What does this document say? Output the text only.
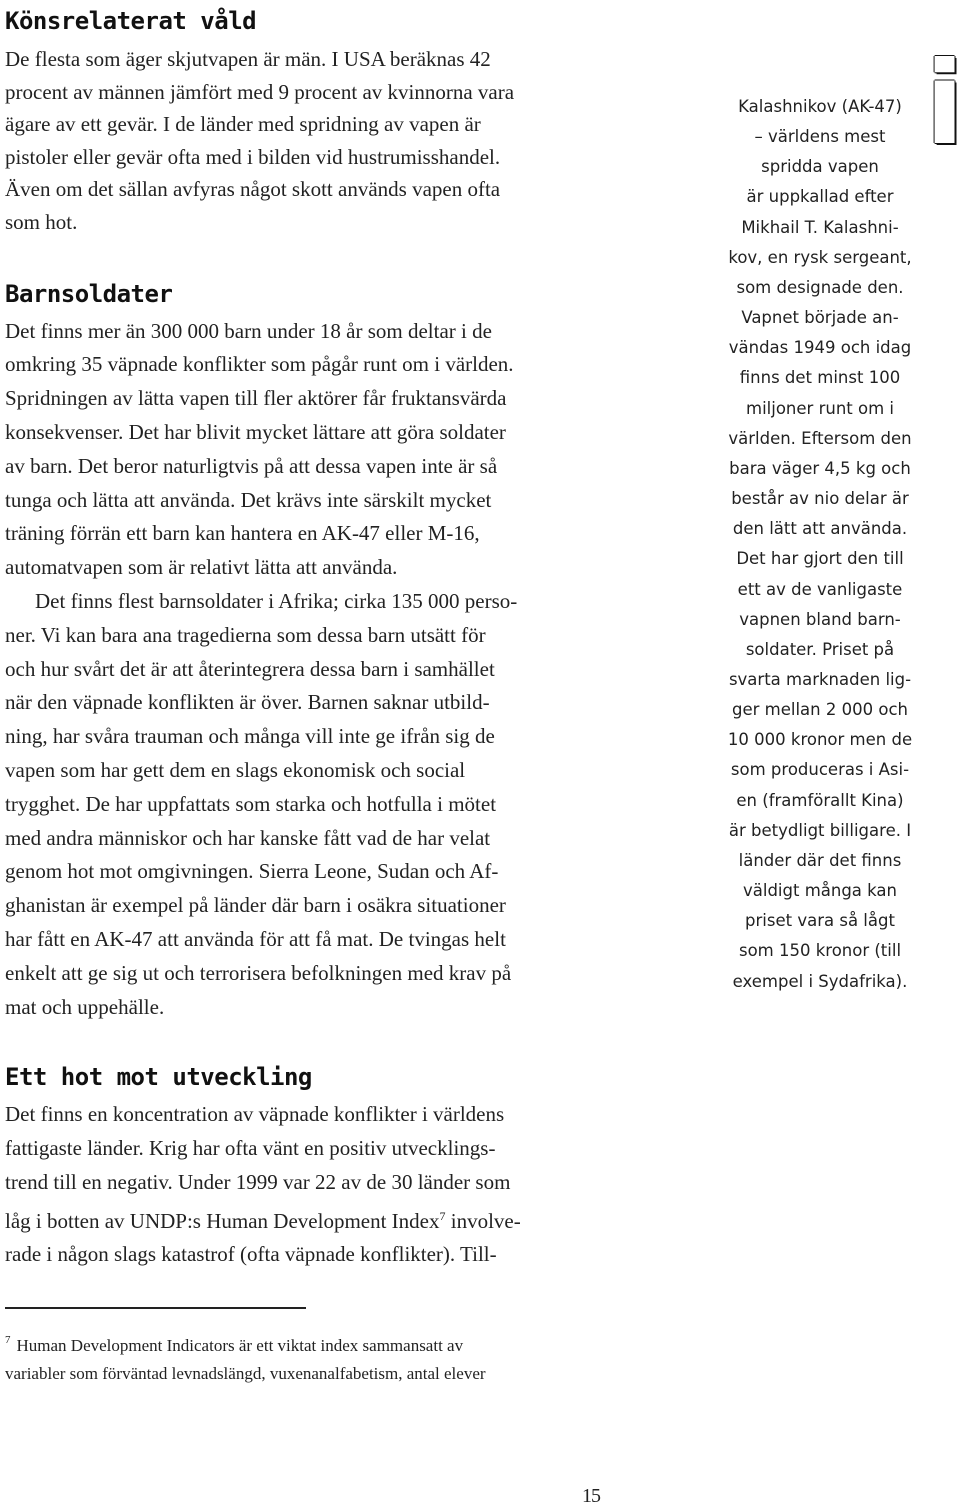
Könsrelaterat våld
De flesta som äger skjutvapen är män. I USA beräknas 42
procent av männen jämfört med 9 procent av kvinnorna vara
ägare av ett gevär. I de länder med spridning av vapen är
pistoler eller gevär ofta med i bilden vid hustrumisshandel.
Även om det sällan avfyras något skott används vapen ofta
som hot.
Barnsoldater
Det finns mer än 300 000 barn under 18 år som deltar i de
omkring 35 väpnade konflikter som pågår runt om i världen.
Spridningen av lätta vapen till fler aktörer får fruktansvärda
konsekvenser. Det har blivit mycket lättare att göra soldater
av barn. Det beror naturligtvis på att dessa vapen inte är så
tunga och lätta att använda. Det krävs inte särskilt mycket
träning förrän ett barn kan hantera en AK-47 eller M-16,
automatvapen som är relativt lätta att använda.
Det finns flest barnsoldater i Afrika; cirka 135 000 perso-
ner. Vi kan bara ana tragedierna som dessa barn utsätt för
och hur svårt det är att återintegrera dessa barn i samhället
när den väpnade konflikten är över. Barnen saknar utbild-
ning, har svåra trauman och många vill inte ge ifrån sig de
vapen som har gett dem en slags ekonomisk och social
trygghet. De har uppfattats som starka och hotfulla i mötet
med andra människor och har kanske fått vad de har velat
genom hot mot omgivningen. Sierra Leone, Sudan och Af-
ghanistan är exempel på länder där barn i osäkra situationer
har fått en AK-47 att använda för att få mat. De tvingas helt
enkelt att ge sig ut och terrorisera befolkningen med krav på
mat och uppehälle.
Ett hot mot utveckling
Det finns en koncentration av väpnade konflikter i världens
fattigaste länder. Krig har ofta vänt en positiv utvecklings-
trend till en negativ. Under 1999 var 22 av de 30 länder som
låg i botten av UNDP:s Human Development Index$^7$ involve-
rade i någon slags katastrof (ofta väpnade konflikter). Till-
i
Kalashnikov (AK-47)
– världens mest
spridda vapen
är uppkallad efter
Mikhail T. Kalashni-
kov, en rysk sergeant,
som designade den.
Vapnet började an-
vändas 1949 och idag
finns det minst 100
miljoner runt om i
världen. Eftersom den
bara väger 4,5 kg och
består av nio delar är
den lätt att använda.
Det har gjort den till
ett av de vanligaste
vapnen bland barn-
soldater. Priset på
svarta marknaden lig-
ger mellan 2 000 och
10 000 kronor men de
som produceras i Asi-
en (framförallt Kina)
är betydligt billigare. I
länder där det finns
väldigt många kan
priset vara så lågt
som 150 kronor (till
exempel i Sydafrika).
$^7$ Human Development Indicators är ett viktat index sammansatt av
variabler som förväntad levnadslängd, vuxenanalfabetism, antal elever
15
